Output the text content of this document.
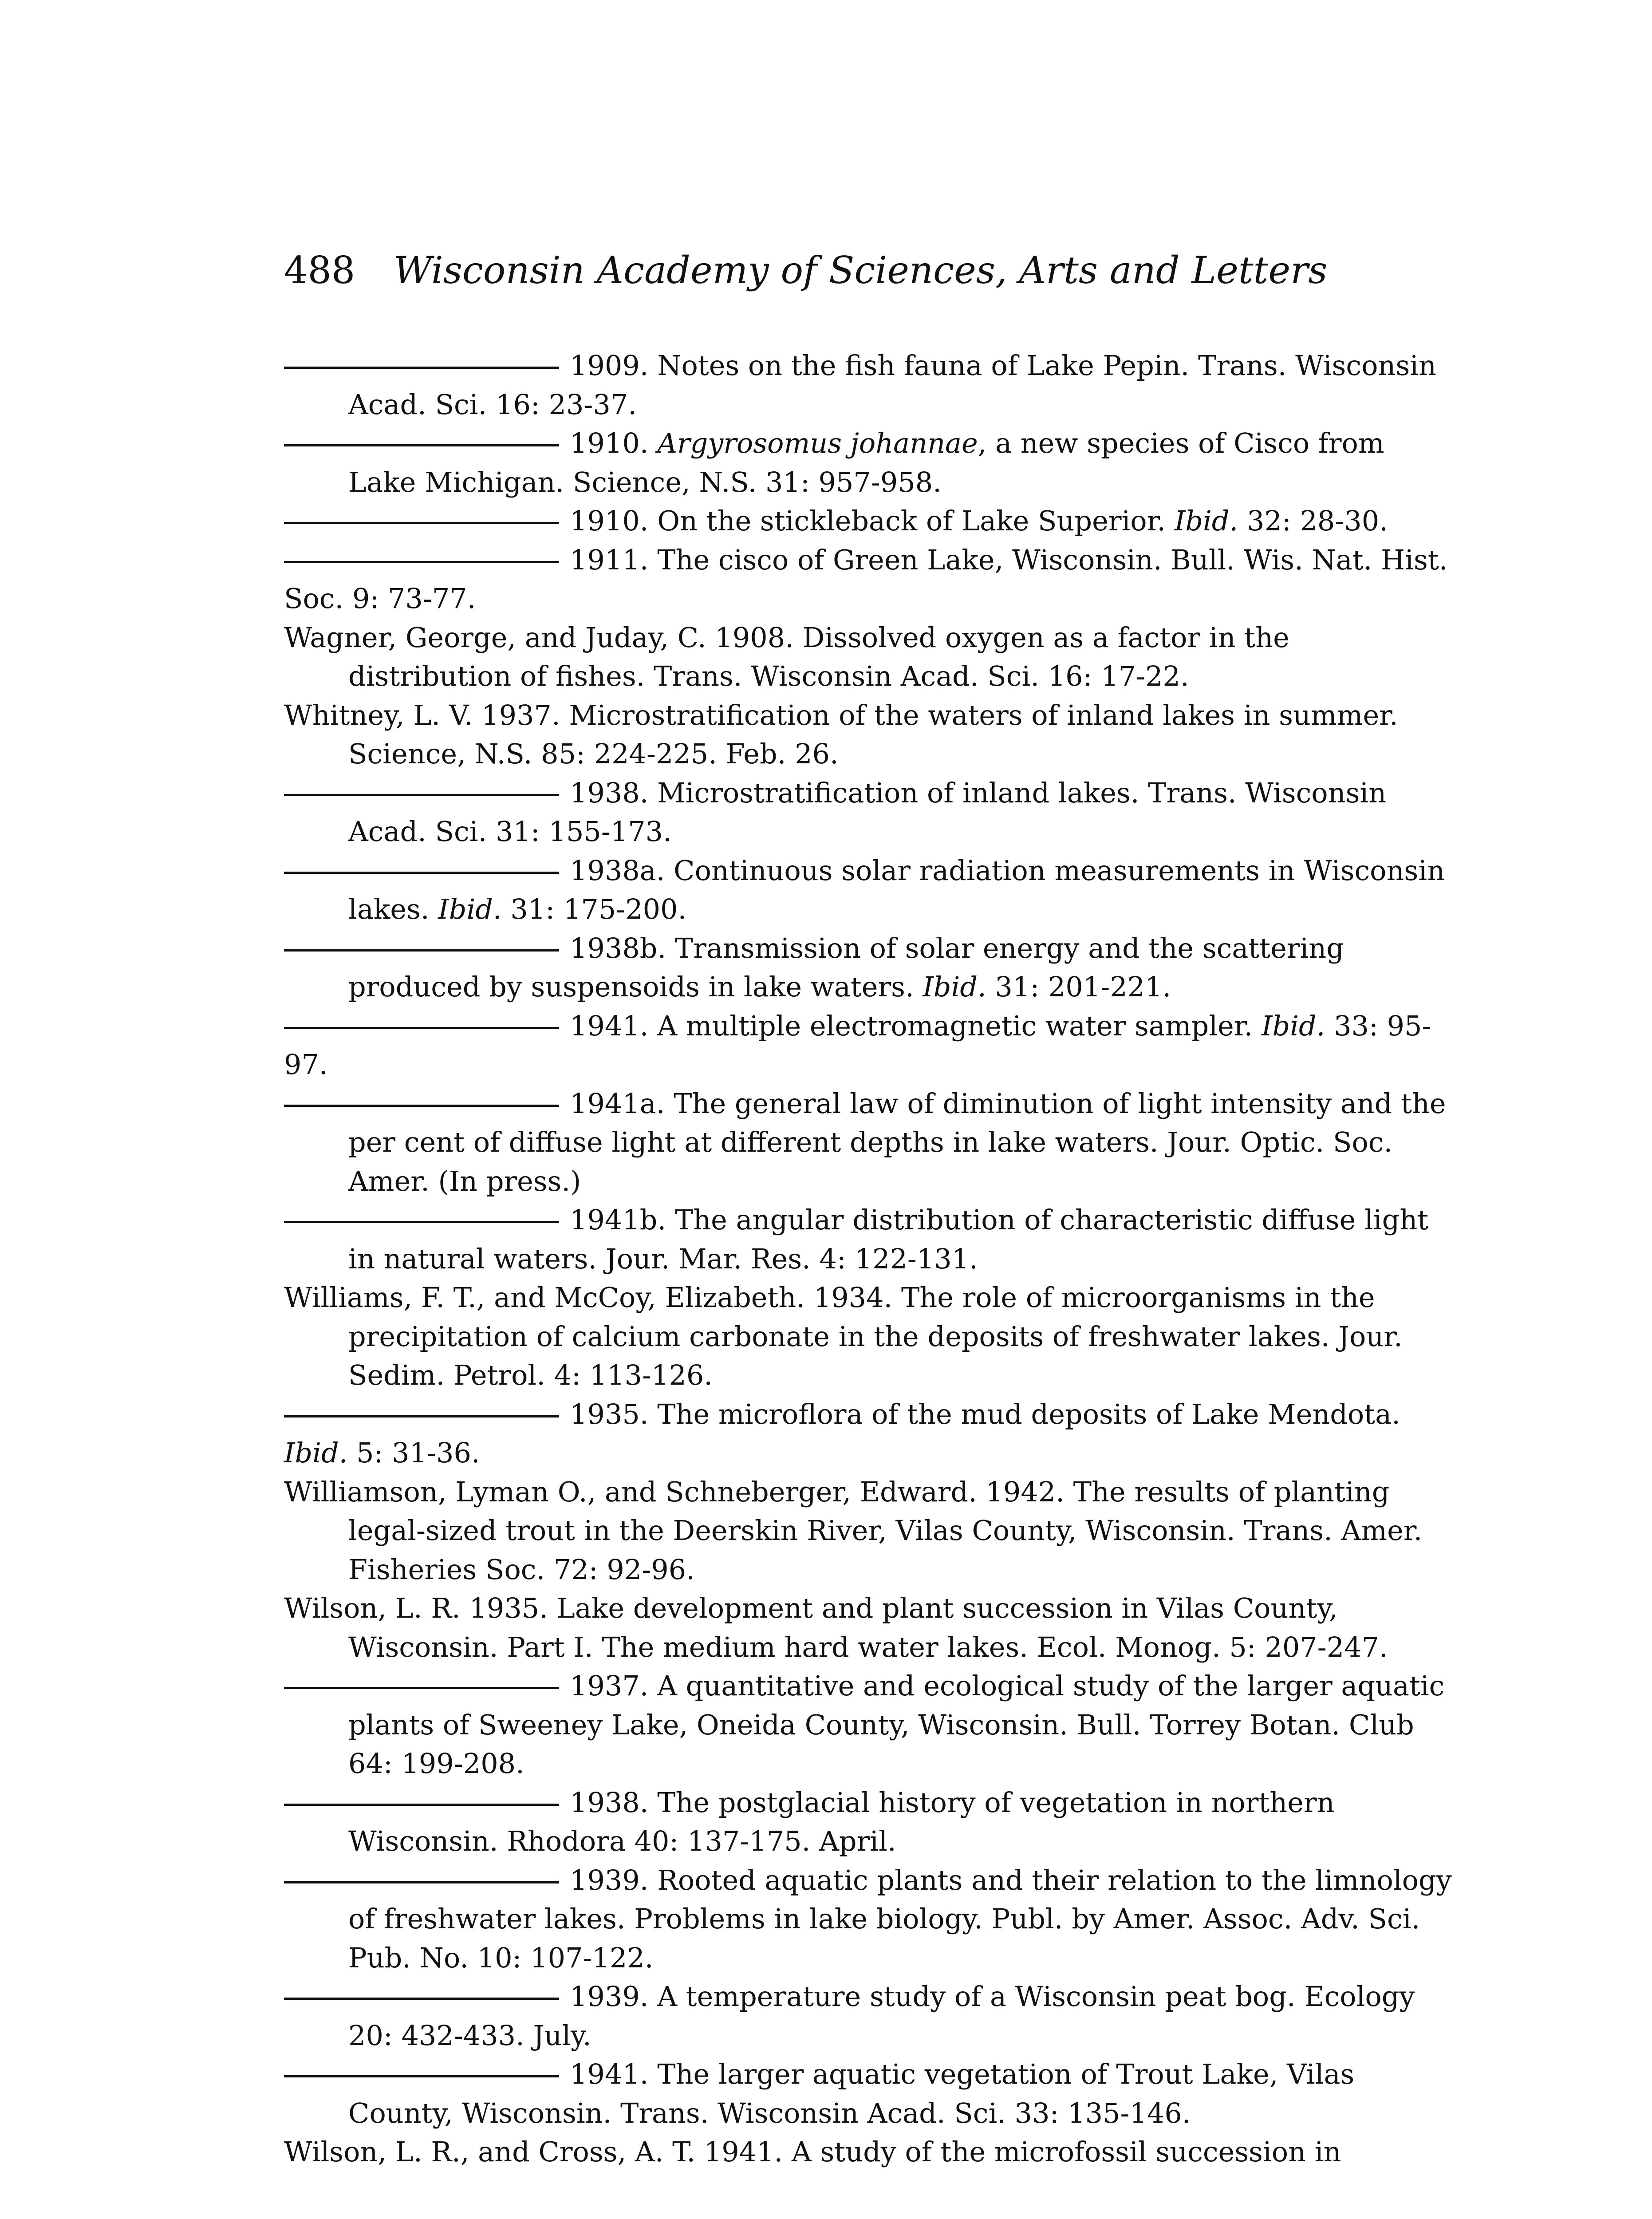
488 Wisconsin Academy of Sciences, Arts and Letters

1909. Notes on the fish fauna of Lake Pepin. Trans. Wisconsin Acad. Sci. 16: 23-37.

1910. Argyrosomus johannae, a new species of Cisco from Lake Michigan. Science, N.S. 31: 957-958.

1910. On the stickleback of Lake Superior. Ibid. 32: 28-30.

1911. The cisco of Green Lake, Wisconsin. Bull. Wis. Nat. Hist. Soc. 9: 73-77.

Wagner, George, and Juday, C. 1908. Dissolved oxygen as a factor in the distribution of fishes. Trans. Wisconsin Acad. Sci. 16: 17-22.

Whitney, L. V. 1937. Microstratification of the waters of inland lakes in summer. Science, N.S. 85: 224-225. Feb. 26.

1938. Microstratification of inland lakes. Trans. Wisconsin Acad. Sci. 31: 155-173.

1938a. Continuous solar radiation measurements in Wisconsin lakes. Ibid. 31: 175-200.

1938b. Transmission of solar energy and the scattering produced by suspensoids in lake waters. Ibid. 31: 201-221.

1941. A multiple electromagnetic water sampler. Ibid. 33: 95-97.

1941a. The general law of diminution of light intensity and the per cent of diffuse light at different depths in lake waters. Jour. Optic. Soc. Amer. (In press.)

1941b. The angular distribution of characteristic diffuse light in natural waters. Jour. Mar. Res. 4: 122-131.

Williams, F. T., and McCoy, Elizabeth. 1934. The role of microorganisms in the precipitation of calcium carbonate in the deposits of freshwater lakes. Jour. Sedim. Petrol. 4: 113-126.

1935. The microflora of the mud deposits of Lake Mendota. Ibid. 5: 31-36.

Williamson, Lyman O., and Schneberger, Edward. 1942. The results of planting legal-sized trout in the Deerskin River, Vilas County, Wisconsin. Trans. Amer. Fisheries Soc. 72: 92-96.

Wilson, L. R. 1935. Lake development and plant succession in Vilas County, Wisconsin. Part I. The medium hard water lakes. Ecol. Monog. 5: 207-247.

1937. A quantitative and ecological study of the larger aquatic plants of Sweeney Lake, Oneida County, Wisconsin. Bull. Torrey Botan. Club 64: 199-208.

1938. The postglacial history of vegetation in northern Wisconsin. Rhodora 40: 137-175. April.

1939. Rooted aquatic plants and their relation to the limnology of freshwater lakes. Problems in lake biology. Publ. by Amer. Assoc. Adv. Sci. Pub. No. 10: 107-122.

1939. A temperature study of a Wisconsin peat bog. Ecology 20: 432-433. July.

1941. The larger aquatic vegetation of Trout Lake, Vilas County, Wisconsin. Trans. Wisconsin Acad. Sci. 33: 135-146.

Wilson, L. R., and Cross, A. T. 1941. A study of the microfossil succession in
